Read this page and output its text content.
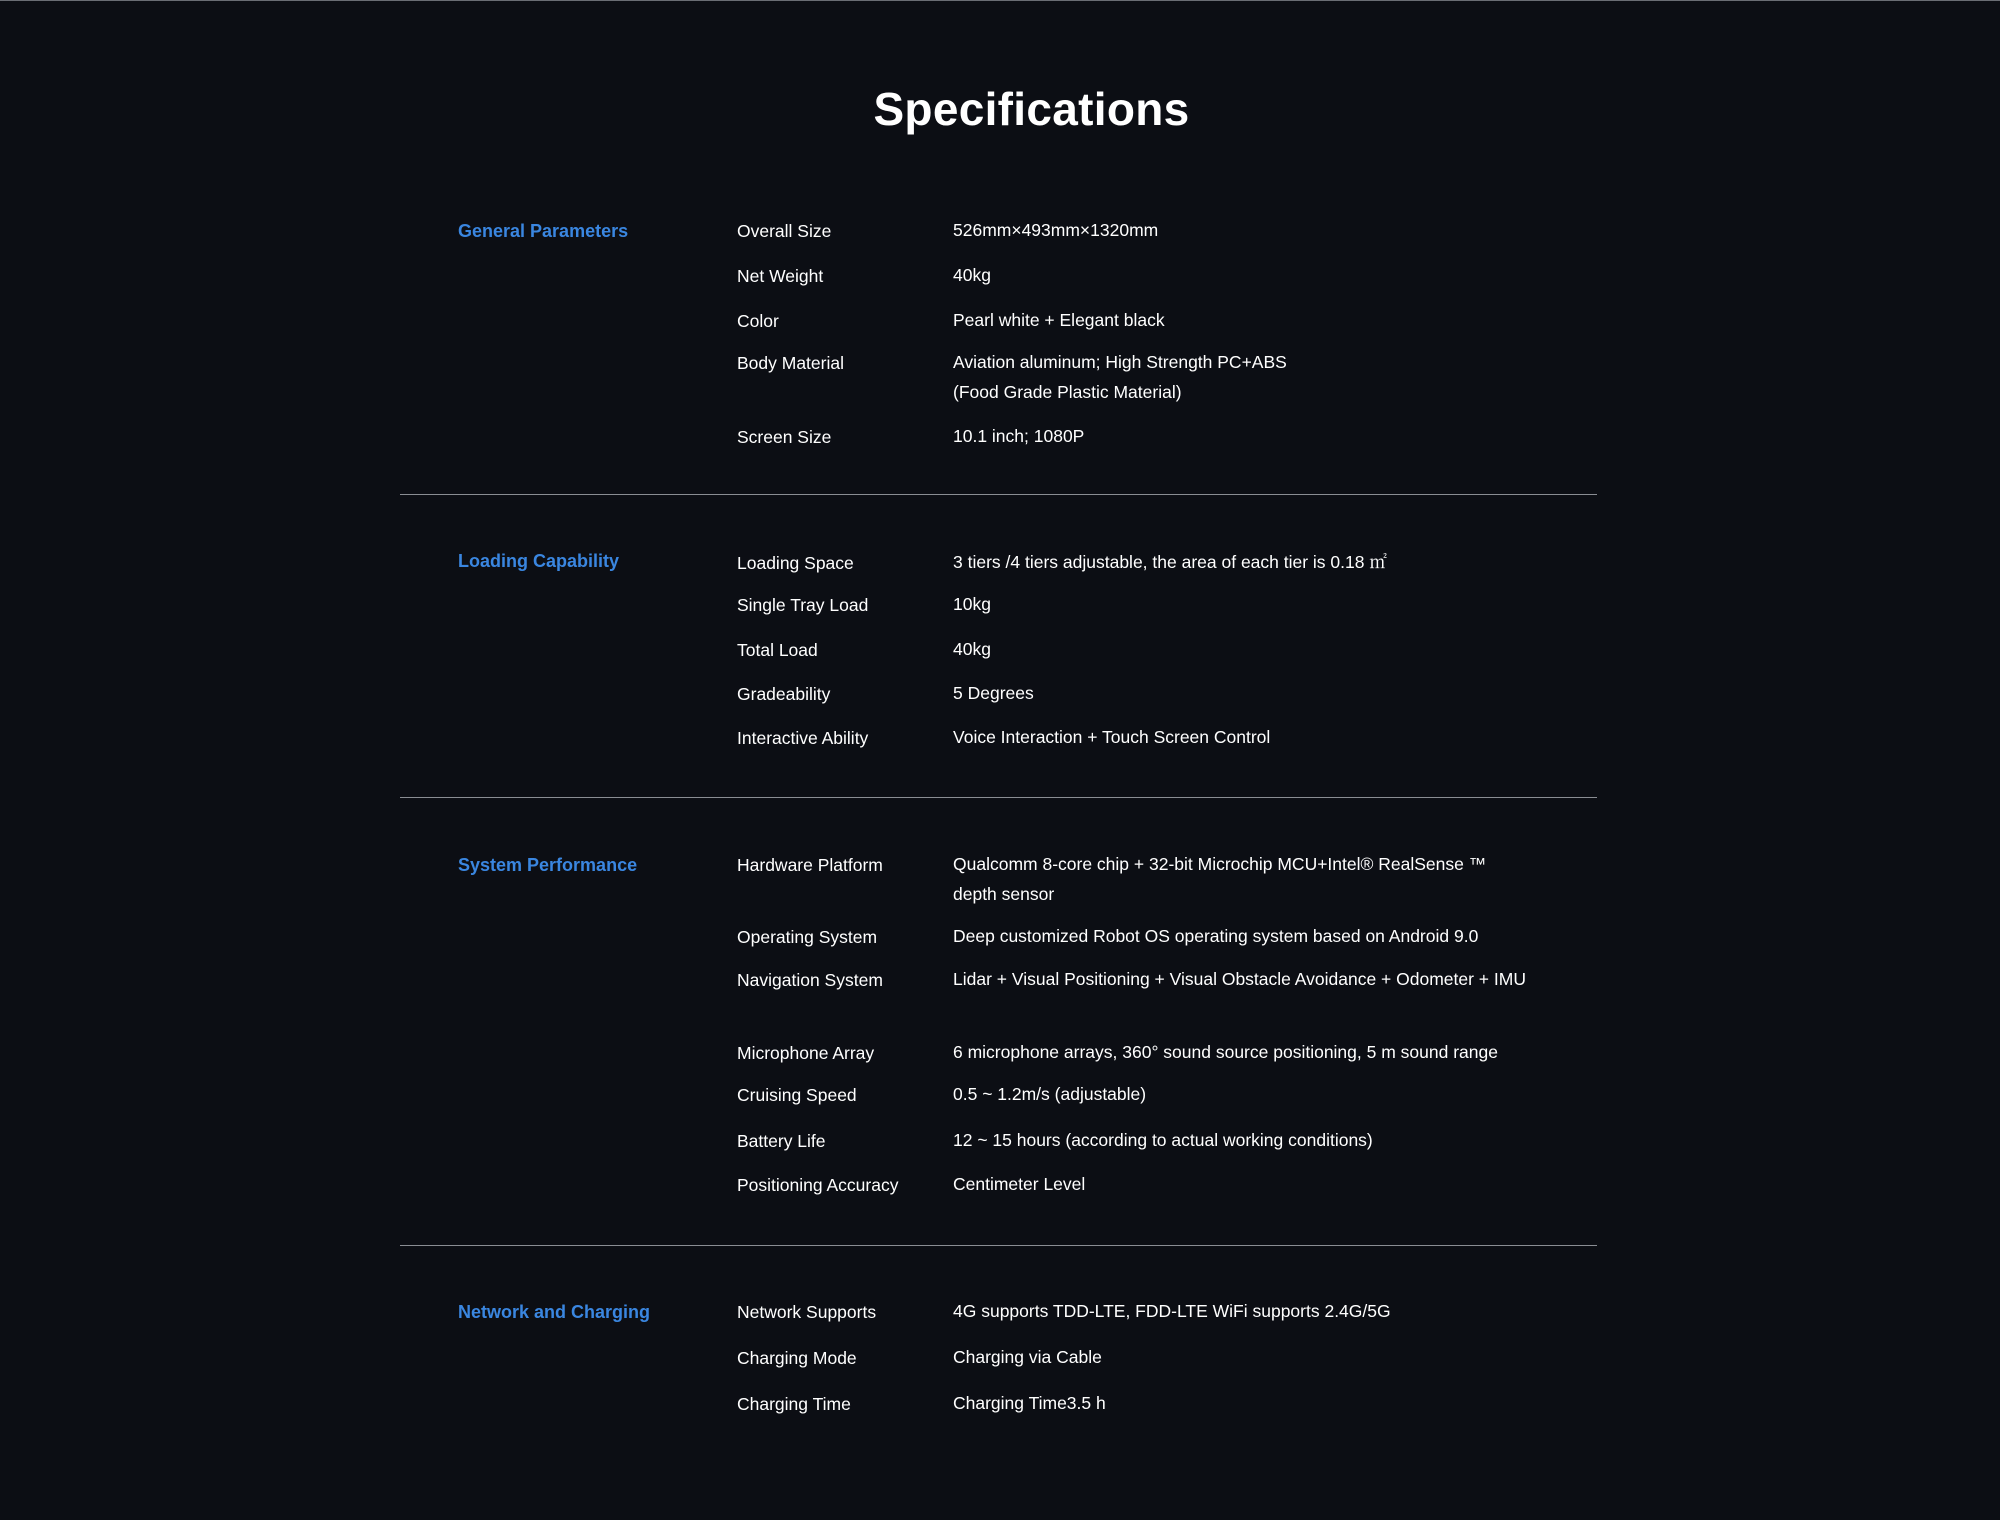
Specifications
General Parameters	Overall Size	526mm×493mm×1320mm
Net Weight	40kg
Color	Pearl white + Elegant black
Body Material	Aviation aluminum; High Strength PC+ABS (Food Grade Plastic Material)
Screen Size	10.1 inch; 1080P
Loading Capability	Loading Space	3 tiers /4 tiers adjustable, the area of each tier is 0.18 ㎡
Single Tray Load	10kg
Total Load	40kg
Gradeability	5 Degrees
Interactive Ability	Voice Interaction + Touch Screen Control
System Performance	Hardware Platform	Qualcomm 8-core chip + 32-bit Microchip MCU+Intel® RealSense ™ depth sensor
Operating System	Deep customized Robot OS operating system based on Android 9.0
Navigation System	Lidar + Visual Positioning + Visual Obstacle Avoidance + Odometer + IMU
Microphone Array	6 microphone arrays, 360° sound source positioning, 5 m sound range
Cruising Speed	0.5 ~ 1.2m/s (adjustable)
Battery Life	12 ~ 15 hours (according to actual working conditions)
Positioning Accuracy	Centimeter Level
Network and Charging	Network Supports	4G supports TDD-LTE, FDD-LTE WiFi supports 2.4G/5G
Charging Mode	Charging via Cable
Charging Time	Charging Time3.5 h
